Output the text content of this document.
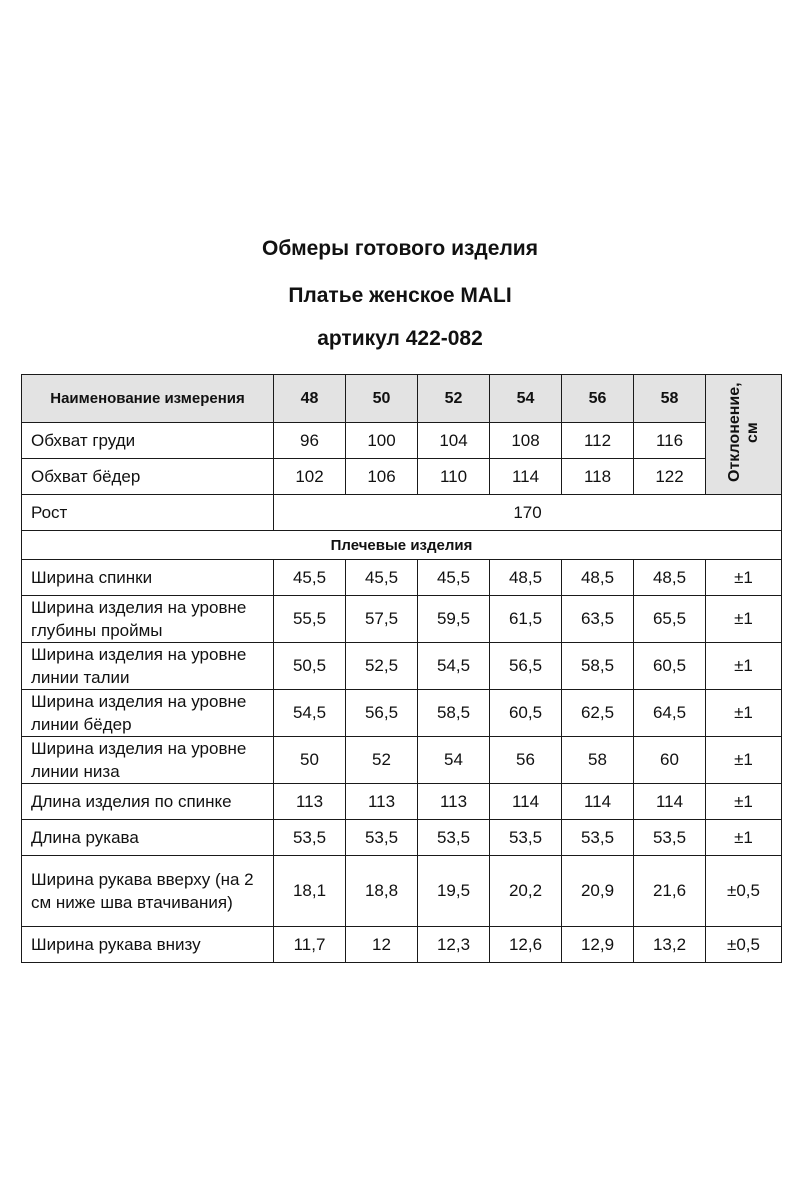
Обмеры готового изделия
Платье женское MALI
артикул 422-082
Наименование измерения	48	50	52	54	56	58	Отклонение, см
Обхват груди	96	100	104	108	112	116	
Обхват бёдер	102	106	110	114	118	122	
Рост	170						
Плечевые изделия							
Ширина спинки	45,5	45,5	45,5	48,5	48,5	48,5	±1
Ширина изделия на уровне глубины проймы	55,5	57,5	59,5	61,5	63,5	65,5	±1
Ширина изделия на уровне линии талии	50,5	52,5	54,5	56,5	58,5	60,5	±1
Ширина изделия на уровне линии бёдер	54,5	56,5	58,5	60,5	62,5	64,5	±1
Ширина изделия на уровне линии низа	50	52	54	56	58	60	±1
Длина изделия по спинке	113	113	113	114	114	114	±1
Длина рукава	53,5	53,5	53,5	53,5	53,5	53,5	±1
Ширина рукава вверху (на 2 см ниже шва втачивания)	18,1	18,8	19,5	20,2	20,9	21,6	±0,5
Ширина рукава внизу	11,7	12	12,3	12,6	12,9	13,2	±0,5
